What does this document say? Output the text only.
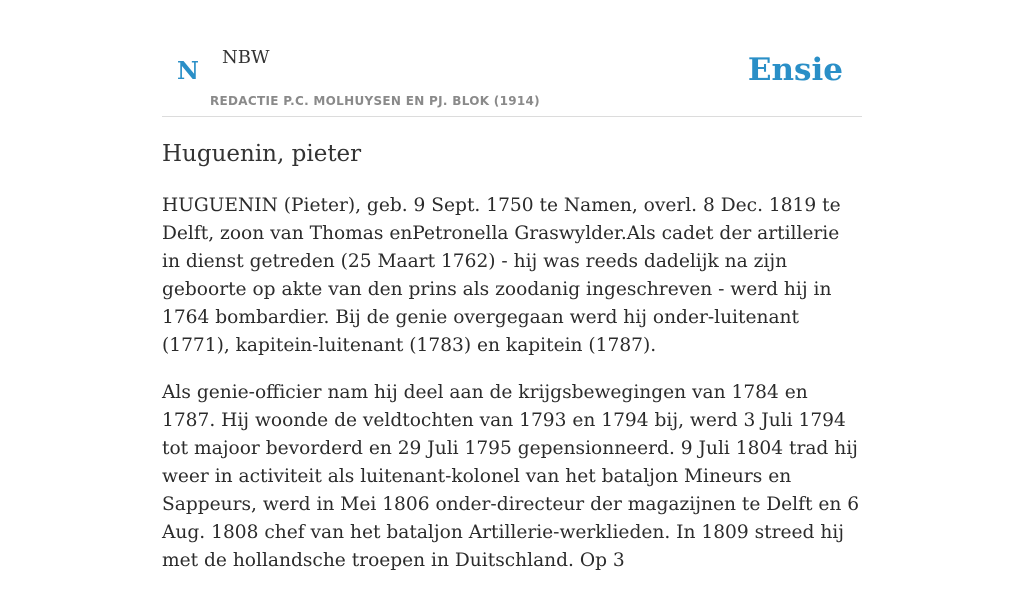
N NBW
REDACTIE P.C. MOLHUYSEN EN PJ. BLOK (1914)
Ensie
Huguenin, pieter

HUGUENIN (Pieter), geb. 9 Sept. 1750 te Namen, overl. 8 Dec. 1819 te Delft, zoon van Thomas enPetronella Graswylder.Als cadet der artillerie in dienst getreden (25 Maart 1762) - hij was reeds dadelijk na zijn geboorte op akte van den prins als zoodanig ingeschreven - werd hij in 1764 bombardier. Bij de genie overgegaan werd hij onder-luitenant (1771), kapitein-luitenant (1783) en kapitein (1787).

Als genie-officier nam hij deel aan de krijgsbewegingen van 1784 en 1787. Hij woonde de veldtochten van 1793 en 1794 bij, werd 3 Juli 1794 tot majoor bevorderd en 29 Juli 1795 gepensionneerd. 9 Juli 1804 trad hij weer in activiteit als luitenant-kolonel van het bataljon Mineurs en Sappeurs, werd in Mei 1806 onder-directeur der magazijnen te Delft en 6 Aug. 1808 chef van het bataljon Artillerie-werklieden. In 1809 streed hij met de hollandsche troepen in Duitschland. Op 3
